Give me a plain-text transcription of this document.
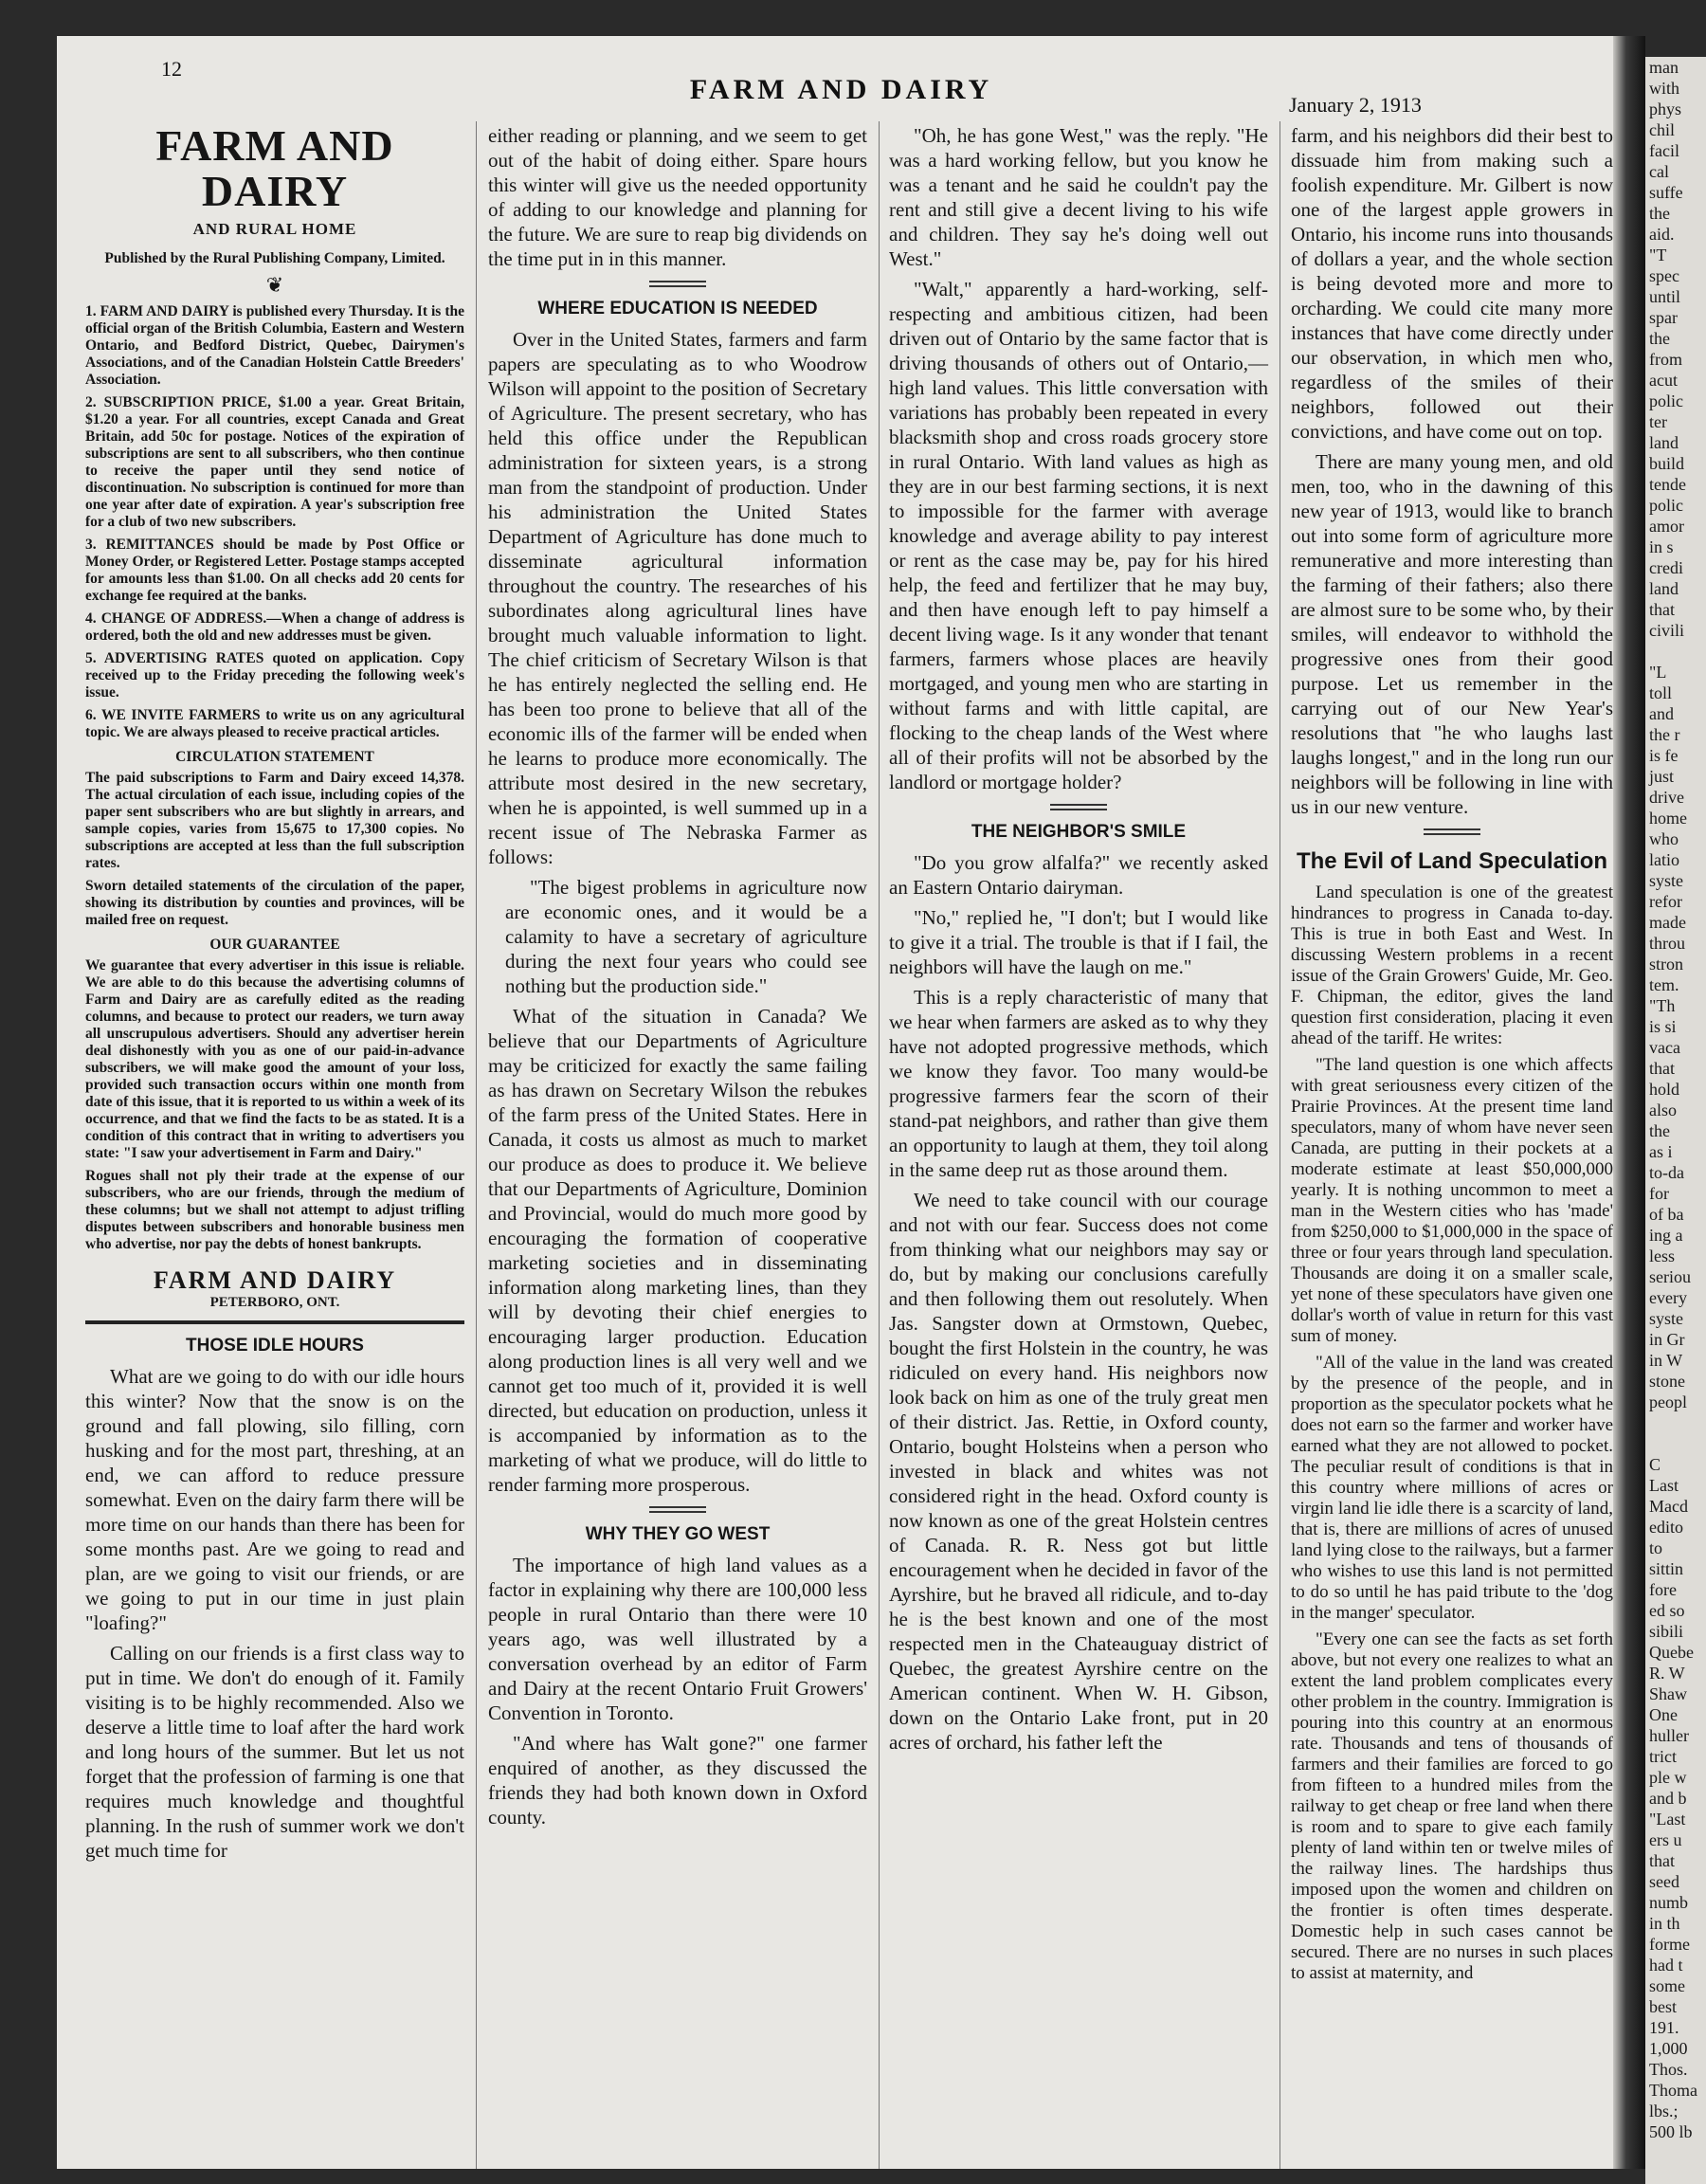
12
FARM AND DAIRY	January 2, 1913
FARM AND DAIRY
AND RURAL HOME
Published by the Rural Publishing Company, Limited.
❦

1. FARM AND DAIRY is published every Thursday. It is the official organ of the British Columbia, Eastern and Western Ontario, and Bedford District, Quebec, Dairymen's Associations, and of the Canadian Holstein Cattle Breeders' Association.

2. SUBSCRIPTION PRICE, $1.00 a year. Great Britain, $1.20 a year. For all countries, except Canada and Great Britain, add 50c for postage. Notices of the expiration of subscriptions are sent to all subscribers, who then continue to receive the paper until they send notice of discontinuation. No subscription is continued for more than one year after date of expiration. A year's subscription free for a club of two new subscribers.

3. REMITTANCES should be made by Post Office or Money Order, or Registered Letter. Postage stamps accepted for amounts less than $1.00. On all checks add 20 cents for exchange fee required at the banks.

4. CHANGE OF ADDRESS.—When a change of address is ordered, both the old and new addresses must be given.

5. ADVERTISING RATES quoted on application. Copy received up to the Friday preceding the following week's issue.

6. WE INVITE FARMERS to write us on any agricultural topic. We are always pleased to receive practical articles.

CIRCULATION STATEMENT

The paid subscriptions to Farm and Dairy exceed 14,378. The actual circulation of each issue, including copies of the paper sent subscribers who are but slightly in arrears, and sample copies, varies from 15,675 to 17,300 copies. No subscriptions are accepted at less than the full subscription rates.

Sworn detailed statements of the circulation of the paper, showing its distribution by counties and provinces, will be mailed free on request.

OUR GUARANTEE

We guarantee that every advertiser in this issue is reliable. We are able to do this because the advertising columns of Farm and Dairy are as carefully edited as the reading columns, and because to protect our readers, we turn away all unscrupulous advertisers. Should any advertiser herein deal dishonestly with you as one of our paid-in-advance subscribers, we will make good the amount of your loss, provided such transaction occurs within one month from date of this issue, that it is reported to us within a week of its occurrence, and that we find the facts to be as stated. It is a condition of this contract that in writing to advertisers you state: "I saw your advertisement in Farm and Dairy."

Rogues shall not ply their trade at the expense of our subscribers, who are our friends, through the medium of these columns; but we shall not attempt to adjust trifling disputes between subscribers and honorable business men who advertise, nor pay the debts of honest bankrupts.

FARM AND DAIRY
PETERBORO, ONT.
THOSE IDLE HOURS

What are we going to do with our idle hours this winter? Now that the snow is on the ground and fall plowing, silo filling, corn husking and for the most part, threshing, at an end, we can afford to reduce pressure somewhat. Even on the dairy farm there will be more time on our hands than there has been for some months past. Are we going to read and plan, are we going to visit our friends, or are we going to put in our time in just plain "loafing?"

Calling on our friends is a first class way to put in time. We don't do enough of it. Family visiting is to be highly recommended. Also we deserve a little time to loaf after the hard work and long hours of the summer. But let us not forget that the profession of farming is one that requires much knowledge and thoughtful planning. In the rush of summer work we don't get much time for

either reading or planning, and we seem to get out of the habit of doing either. Spare hours this winter will give us the needed opportunity of adding to our knowledge and planning for the future. We are sure to reap big dividends on the time put in in this manner.

WHERE EDUCATION IS NEEDED

Over in the United States, farmers and farm papers are speculating as to who Woodrow Wilson will appoint to the position of Secretary of Agriculture. The present secretary, who has held this office under the Republican administration for sixteen years, is a strong man from the standpoint of production. Under his administration the United States Department of Agriculture has done much to disseminate agricultural information throughout the country. The researches of his subordinates along agricultural lines have brought much valuable information to light. The chief criticism of Secretary Wilson is that he has entirely neglected the selling end. He has been too prone to believe that all of the economic ills of the farmer will be ended when he learns to produce more economically. The attribute most desired in the new secretary, when he is appointed, is well summed up in a recent issue of The Nebraska Farmer as follows:

"The bigest problems in agriculture now are economic ones, and it would be a calamity to have a secretary of agriculture during the next four years who could see nothing but the production side."

What of the situation in Canada? We believe that our Departments of Agriculture may be criticized for exactly the same failing as has drawn on Secretary Wilson the rebukes of the farm press of the United States. Here in Canada, it costs us almost as much to market our produce as does to produce it. We believe that our Departments of Agriculture, Dominion and Provincial, would do much more good by encouraging the formation of cooperative marketing societies and in disseminating information along marketing lines, than they will by devoting their chief energies to encouraging larger production. Education along production lines is all very well and we cannot get too much of it, provided it is well directed, but education on production, unless it is accompanied by information as to the marketing of what we produce, will do little to render farming more prosperous.

WHY THEY GO WEST

The importance of high land values as a factor in explaining why there are 100,000 less people in rural Ontario than there were 10 years ago, was well illustrated by a conversation overhead by an editor of Farm and Dairy at the recent Ontario Fruit Growers' Convention in Toronto.

"And where has Walt gone?" one farmer enquired of another, as they discussed the friends they had both known down in Oxford county.

"Oh, he has gone West," was the reply. "He was a hard working fellow, but you know he was a tenant and he said he couldn't pay the rent and still give a decent living to his wife and children. They say he's doing well out West."

"Walt," apparently a hard-working, self-respecting and ambitious citizen, had been driven out of Ontario by the same factor that is driving thousands of others out of Ontario,—high land values. This little conversation with variations has probably been repeated in every blacksmith shop and cross roads grocery store in rural Ontario. With land values as high as they are in our best farming sections, it is next to impossible for the farmer with average knowledge and average ability to pay interest or rent as the case may be, pay for his hired help, the feed and fertilizer that he may buy, and then have enough left to pay himself a decent living wage. Is it any wonder that tenant farmers, farmers whose places are heavily mortgaged, and young men who are starting in without farms and with little capital, are flocking to the cheap lands of the West where all of their profits will not be absorbed by the landlord or mortgage holder?

THE NEIGHBOR'S SMILE

"Do you grow alfalfa?" we recently asked an Eastern Ontario dairyman.

"No," replied he, "I don't; but I would like to give it a trial. The trouble is that if I fail, the neighbors will have the laugh on me."

This is a reply characteristic of many that we hear when farmers are asked as to why they have not adopted progressive methods, which we know they favor. Too many would-be progressive farmers fear the scorn of their stand-pat neighbors, and rather than give them an opportunity to laugh at them, they toil along in the same deep rut as those around them.

We need to take council with our courage and not with our fear. Success does not come from thinking what our neighbors may say or do, but by making our conclusions carefully and then following them out resolutely. When Jas. Sangster down at Ormstown, Quebec, bought the first Holstein in the country, he was ridiculed on every hand. His neighbors now look back on him as one of the truly great men of their district. Jas. Rettie, in Oxford county, Ontario, bought Holsteins when a person who invested in black and whites was not considered right in the head. Oxford county is now known as one of the great Holstein centres of Canada. R. R. Ness got but little encouragement when he decided in favor of the Ayrshire, but he braved all ridicule, and to-day he is the best known and one of the most respected men in the Chateauguay district of Quebec, the greatest Ayrshire centre on the American continent. When W. H. Gibson, down on the Ontario Lake front, put in 20 acres of orchard, his father left the

farm, and his neighbors did their best to dissuade him from making such a foolish expenditure. Mr. Gilbert is now one of the largest apple growers in Ontario, his income runs into thousands of dollars a year, and the whole section is being devoted more and more to orcharding. We could cite many more instances that have come directly under our observation, in which men who, regardless of the smiles of their neighbors, followed out their convictions, and have come out on top.

There are many young men, and old men, too, who in the dawning of this new year of 1913, would like to branch out into some form of agriculture more remunerative and more interesting than the farming of their fathers; also there are almost sure to be some who, by their smiles, will endeavor to withhold the progressive ones from their good purpose. Let us remember in the carrying out of our New Year's resolutions that "he who laughs last laughs longest," and in the long run our neighbors will be following in line with us in our new venture.

The Evil of Land Speculation

Land speculation is one of the greatest hindrances to progress in Canada to-day. This is true in both East and West. In discussing Western problems in a recent issue of the Grain Growers' Guide, Mr. Geo. F. Chipman, the editor, gives the land question first consideration, placing it even ahead of the tariff. He writes:

"The land question is one which affects with great seriousness every citizen of the Prairie Provinces. At the present time land speculators, many of whom have never seen Canada, are putting in their pockets at a moderate estimate at least $50,000,000 yearly. It is nothing uncommon to meet a man in the Western cities who has 'made' from $250,000 to $1,000,000 in the space of three or four years through land speculation. Thousands are doing it on a smaller scale, yet none of these speculators have given one dollar's worth of value in return for this vast sum of money.

"All of the value in the land was created by the presence of the people, and in proportion as the speculator pockets what he does not earn so the farmer and worker have earned what they are not allowed to pocket. The peculiar result of conditions is that in this country where millions of acres or virgin land lie idle there is a scarcity of land, that is, there are millions of acres of unused land lying close to the railways, but a farmer who wishes to use this land is not permitted to do so until he has paid tribute to the 'dog in the manger' speculator.

"Every one can see the facts as set forth above, but not every one realizes to what an extent the land problem complicates every other problem in the country. Immigration is pouring into this country at an enormous rate. Thousands and tens of thousands of farmers and their families are forced to go from fifteen to a hundred miles from the railway to get cheap or free land when there is room and to spare to give each family plenty of land within ten or twelve miles of the railway lines. The hardships thus imposed upon the women and children on the frontier is often times desperate. Domestic help in such cases cannot be secured. There are no nurses in such places to assist at maternity, and

man
with
phys
chil
facil
cal
suffe
the
aid.
"T
spec
until
spar
the
from
acut
polic
ter
land
build
tende
polic
amor
in s
credi
land
that
civili

"L
toll
and
the r
is fe
just
drive
home
who
latio
syste
refor
made
throu
stron
tem.
"Th
is si
vaca
that
hold
also
the
as i
to-da
for
of ba
ing a
less
seriou
every
syste
in Gr
in W
stone
peopl

C
Last
Macd
edito
to
sittin
fore
ed so
sibili
Quebe
R. W
Shaw
One
huller
trict
ple w
and b
"Last
ers u
that
seed
numb
in th
forme
had t
some
best
191.
1,000
Thos.
Thoma
lbs.;
500 lb
